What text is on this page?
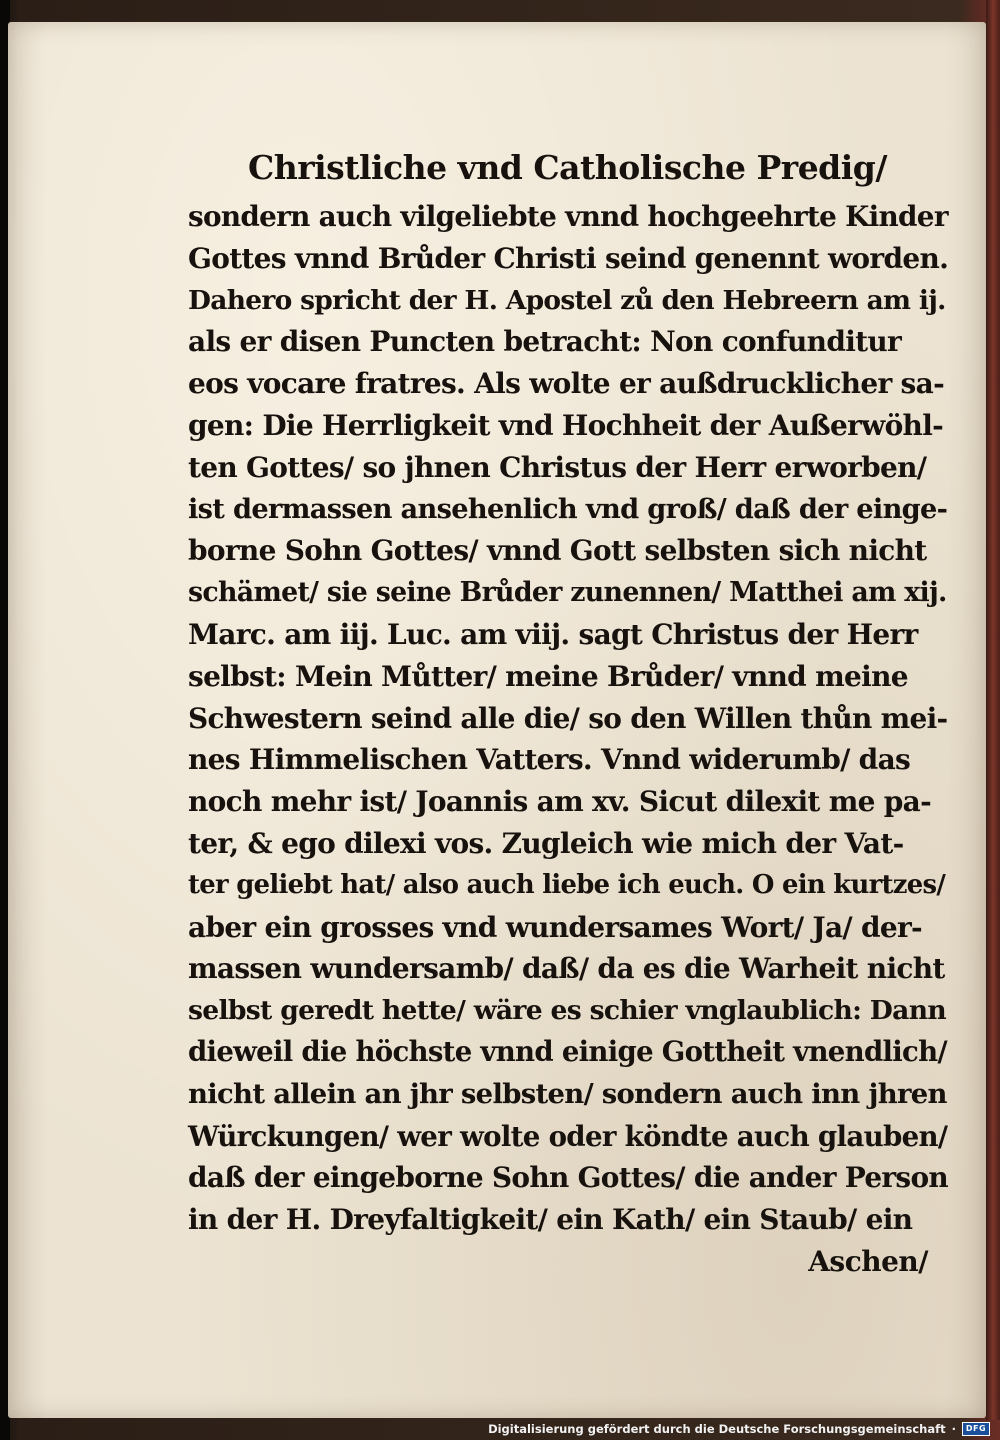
Christliche vnd Catholische Predig/
sondern auch vilgeliebte vnnd hochgeehrte Kinder
Gottes vnnd Brůder Christi seind genennt worden.
Dahero spricht der H. Apostel zů den Hebreern am ij.
als er disen Puncten betracht: Non confunditur
eos vocare fratres. Als wolte er außdrucklicher sa-
gen: Die Herrligkeit vnd Hochheit der Außerwöhl-
ten Gottes/ so jhnen Christus der Herr erworben/
ist dermassen ansehenlich vnd groß/ daß der einge-
borne Sohn Gottes/ vnnd Gott selbsten sich nicht
schämet/ sie seine Brůder zunennen/ Matthei am xij.
Marc. am iij. Luc. am viij. sagt Christus der Herr
selbst: Mein Můtter/ meine Brůder/ vnnd meine
Schwestern seind alle die/ so den Willen thůn mei-
nes Himmelischen Vatters. Vnnd widerumb/ das
noch mehr ist/ Joannis am xv. Sicut dilexit me pa-
ter, & ego dilexi vos. Zugleich wie mich der Vat-
ter geliebt hat/ also auch liebe ich euch. O ein kurtzes/
aber ein grosses vnd wundersames Wort/ Ja/ der-
massen wundersamb/ daß/ da es die Warheit nicht
selbst geredt hette/ wäre es schier vnglaublich: Dann
dieweil die höchste vnnd einige Gottheit vnendlich/
nicht allein an jhr selbsten/ sondern auch inn jhren
Würckungen/ wer wolte oder köndte auch glauben/
daß der eingeborne Sohn Gottes/ die ander Person
in der H. Dreyfaltigkeit/ ein Kath/ ein Staub/ ein
Aschen/
Digitalisierung gefördert durch die Deutsche Forschungsgemeinschaft ·	DFG
